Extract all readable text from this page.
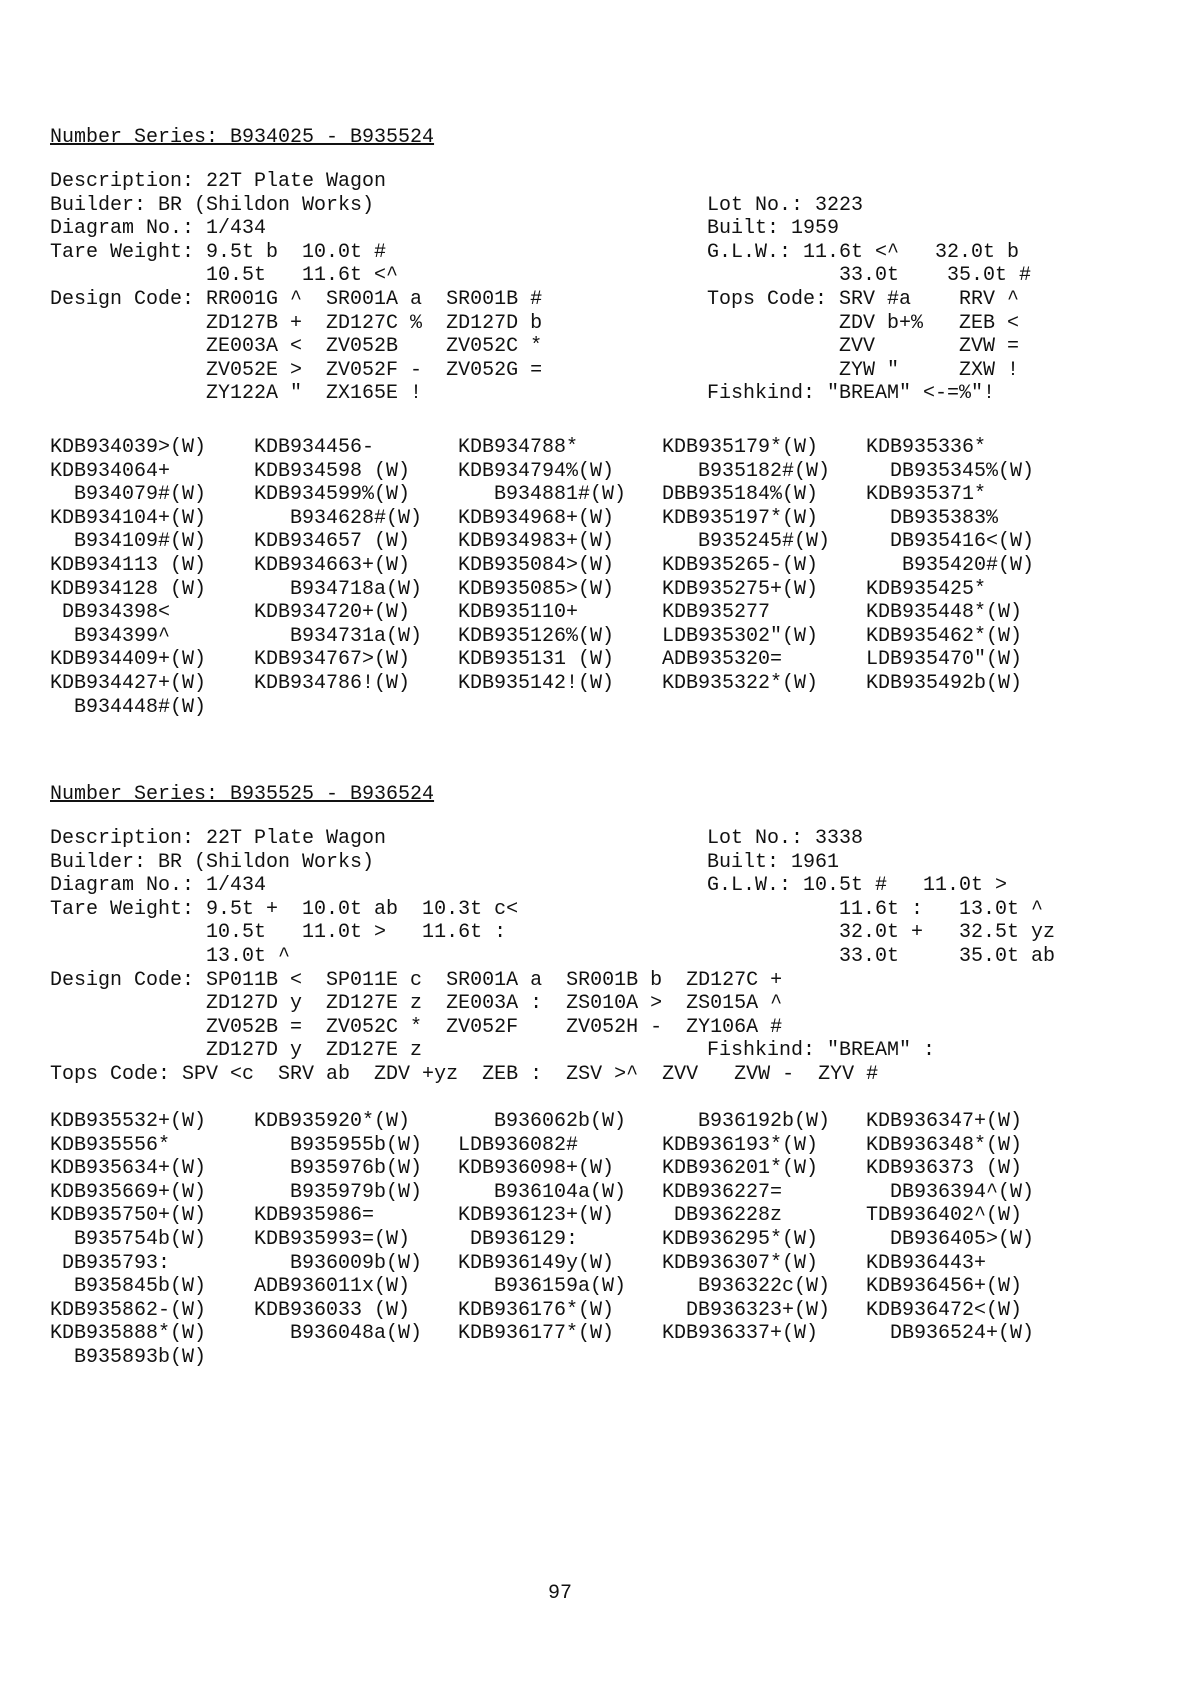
Number Series: B934025 - B935524
Description: 22T Plate Wagon
Builder: BR (Shildon Works)
Diagram No.: 1/434
Tare Weight: 9.5t b  10.0t #
10.5t   11.6t <^
Design Code: RR001G ^  SR001A a  SR001B #
ZD127B +  ZD127C %  ZD127D b
ZE003A <  ZV052B    ZV052C *
ZV052E >  ZV052F -  ZV052G =
ZY122A "  ZX165E !
Lot No.: 3223
Built: 1959
G.L.W.: 11.6t <^   32.0t b
33.0t    35.0t #
Tops Code: SRV #a    RRV ^
ZDV b+%   ZEB <
ZVV       ZVW =
ZYW "     ZXW !
Fishkind: "BREAM" <-=%"!
KDB934039>(W)
KDB934064+
B934079#(W)
KDB934104+(W)
B934109#(W)
KDB934113 (W)
KDB934128 (W)
DB934398<
B934399^
KDB934409+(W)
KDB934427+(W)
B934448#(W)
KDB934456-
KDB934598 (W)
KDB934599%(W)
B934628#(W)
KDB934657 (W)
KDB934663+(W)
B934718a(W)
KDB934720+(W)
B934731a(W)
KDB934767>(W)
KDB934786!(W)
KDB934788*
KDB934794%(W)
B934881#(W)
KDB934968+(W)
KDB934983+(W)
KDB935084>(W)
KDB935085>(W)
KDB935110+
KDB935126%(W)
KDB935131 (W)
KDB935142!(W)
KDB935179*(W)
B935182#(W)
DBB935184%(W)
KDB935197*(W)
B935245#(W)
KDB935265-(W)
KDB935275+(W)
KDB935277
LDB935302"(W)
ADB935320=
KDB935322*(W)
KDB935336*
DB935345%(W)
KDB935371*
DB935383%
DB935416<(W)
B935420#(W)
KDB935425*
KDB935448*(W)
KDB935462*(W)
LDB935470"(W)
KDB935492b(W)
Number Series: B935525 - B936524
Description: 22T Plate Wagon
Builder: BR (Shildon Works)
Diagram No.: 1/434
Tare Weight: 9.5t +  10.0t ab  10.3t c<
10.5t   11.0t >   11.6t :
13.0t ^
Design Code: SP011B <  SP011E c  SR001A a  SR001B b  ZD127C +
ZD127D y  ZD127E z  ZE003A :  ZS010A >  ZS015A ^
ZV052B =  ZV052C *  ZV052F    ZV052H -  ZY106A #
ZD127D y  ZD127E z
Tops Code: SPV <c  SRV ab  ZDV +yz  ZEB :  ZSV >^  ZVV   ZVW -  ZYV #
Lot No.: 3338
Built: 1961
G.L.W.: 10.5t #   11.0t >
11.6t :   13.0t ^
32.0t +   32.5t yz
33.0t     35.0t ab
Fishkind: "BREAM" :
KDB935532+(W)
KDB935556*
KDB935634+(W)
KDB935669+(W)
KDB935750+(W)
B935754b(W)
DB935793:
B935845b(W)
KDB935862-(W)
KDB935888*(W)
B935893b(W)
KDB935920*(W)
B935955b(W)
B935976b(W)
B935979b(W)
KDB935986=
KDB935993=(W)
B936009b(W)
ADB936011x(W)
KDB936033 (W)
B936048a(W)
B936062b(W)
LDB936082#
KDB936098+(W)
B936104a(W)
KDB936123+(W)
DB936129:
KDB936149y(W)
B936159a(W)
KDB936176*(W)
KDB936177*(W)
B936192b(W)
KDB936193*(W)
KDB936201*(W)
KDB936227=
DB936228z
KDB936295*(W)
KDB936307*(W)
B936322c(W)
DB936323+(W)
KDB936337+(W)
KDB936347+(W)
KDB936348*(W)
KDB936373 (W)
DB936394^(W)
TDB936402^(W)
DB936405>(W)
KDB936443+
KDB936456+(W)
KDB936472<(W)
DB936524+(W)
97
